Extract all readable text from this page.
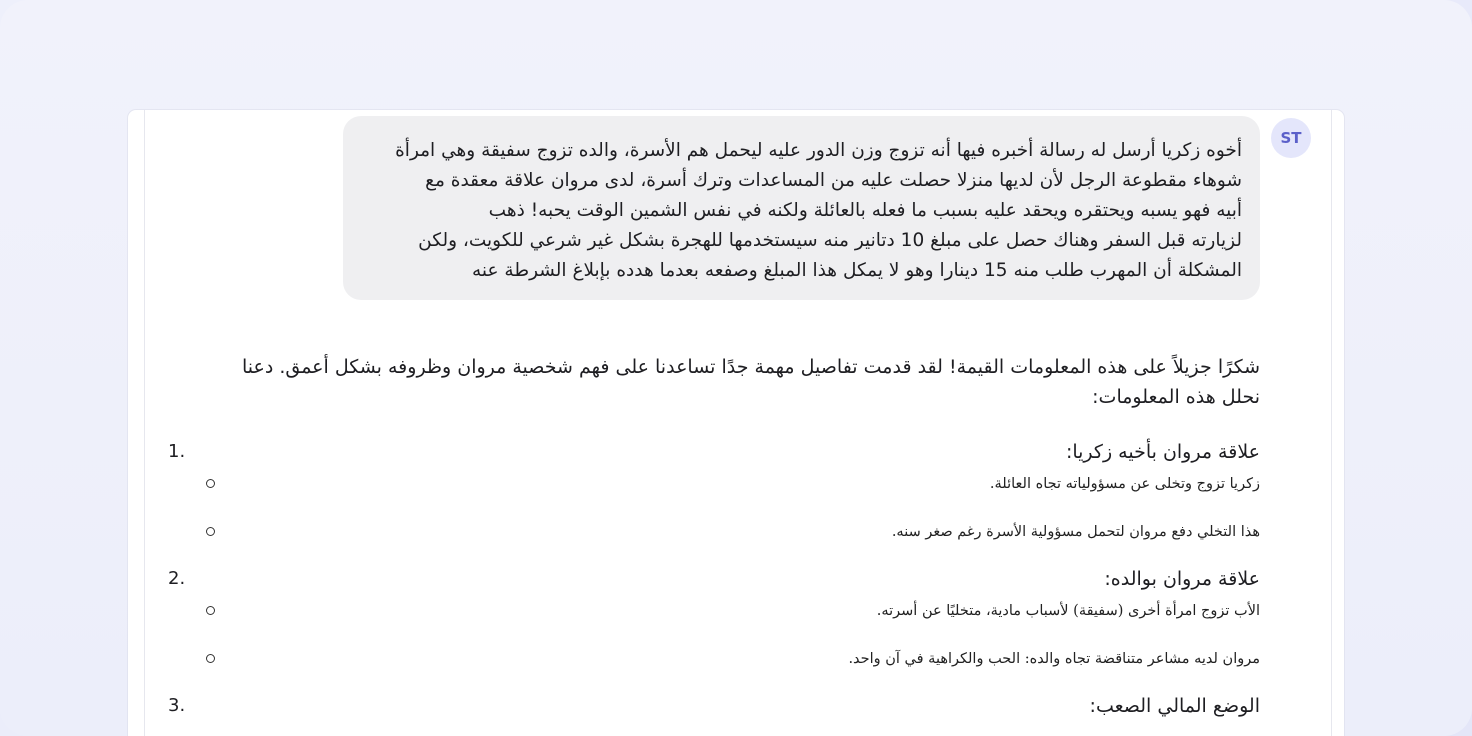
ST
أخوه زكريا أرسل له رسالة أخبره فيها أنه تزوج وزن الدور عليه ليحمل هم الأسرة، والده تزوج سفيقة وهي امرأة
شوهاء مقطوعة الرجل لأن لديها منزلا حصلت عليه من المساعدات وترك أسرة، لدى مروان علاقة معقدة مع
أبيه فهو يسبه ويحتقره ويحقد عليه بسبب ما فعله بالعائلة ولكنه في نفس الشمين الوقت يحبه! ذهب
لزيارته قبل السفر وهناك حصل على مبلغ 10 دتانير منه سيستخدمها للهجرة بشكل غير شرعي للكويت، ولكن
المشكلة أن المهرب طلب منه 15 دينارا وهو لا يمكل هذا المبلغ وصفعه بعدما هدده بإبلاغ الشرطة عنه
شكرًا جزيلاً على هذه المعلومات القيمة! لقد قدمت تفاصيل مهمة جدًا تساعدنا على فهم شخصية مروان وظروفه بشكل أعمق. دعنا
نحلل هذه المعلومات:
علاقة مروان بأخيه زكريا:
1.
زكريا تزوج وتخلى عن مسؤولياته تجاه العائلة.
هذا التخلي دفع مروان لتحمل مسؤولية الأسرة رغم صغر سنه.
علاقة مروان بوالده:
2.
الأب تزوج امرأة أخرى (سفيقة) لأسباب مادية، متخليًا عن أسرته.
مروان لديه مشاعر متناقضة تجاه والده: الحب والكراهية في آن واحد.
الوضع المالي الصعب:
3.
